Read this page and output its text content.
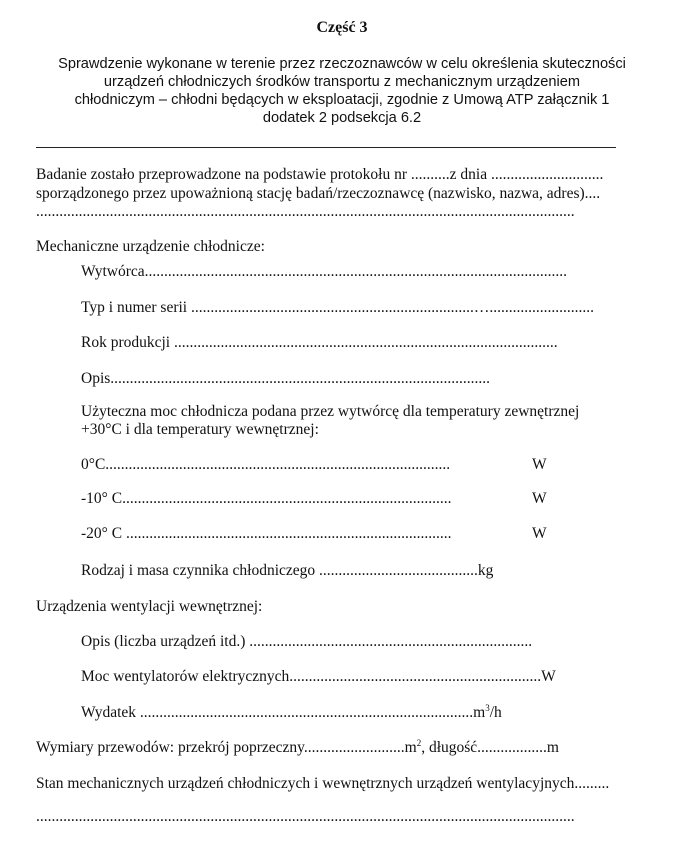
Część 3
Sprawdzenie wykonane w terenie przez rzeczoznawców w celu określenia skuteczności
urządzeń chłodniczych środków transportu z mechanicznym urządzeniem
chłodniczym – chłodni będących w eksploatacji, zgodnie z Umową ATP załącznik 1
dodatek 2 podsekcja 6.2
Badanie zostało przeprowadzone na podstawie protokołu nr ..........z dnia .............................
sporządzonego przez upoważnioną stację badań/rzeczoznawcę (nazwisko, nazwa, adres)....
...........................................................................................................................................
Mechaniczne urządzenie chłodnicze:
Wytwórca.............................................................................................................
Typ i numer serii .........................................................................…...........................
Rok produkcji ...................................................................................................
Opis..................................................................................................
Użyteczna moc chłodnicza podana przez wytwórcę dla temperatury zewnętrznej
+30°C i dla temperatury wewnętrznej:
0°C.........................................................................................	W
-10° C.....................................................................................	W
-20° C ....................................................................................	W
Rodzaj i masa czynnika chłodniczego .........................................kg
Urządzenia wentylacji wewnętrznej:
Opis (liczba urządzeń itd.) .........................................................................
Moc wentylatorów elektrycznych.................................................................W
Wydatek $......................................................................................m^3/h$
Wymiary przewodów: przekrój $poprzeczny..........................m^2$, długość..................m
Stan mechanicznych urządzeń chłodniczych i wewnętrznych urządzeń wentylacyjnych.........
...........................................................................................................................................
